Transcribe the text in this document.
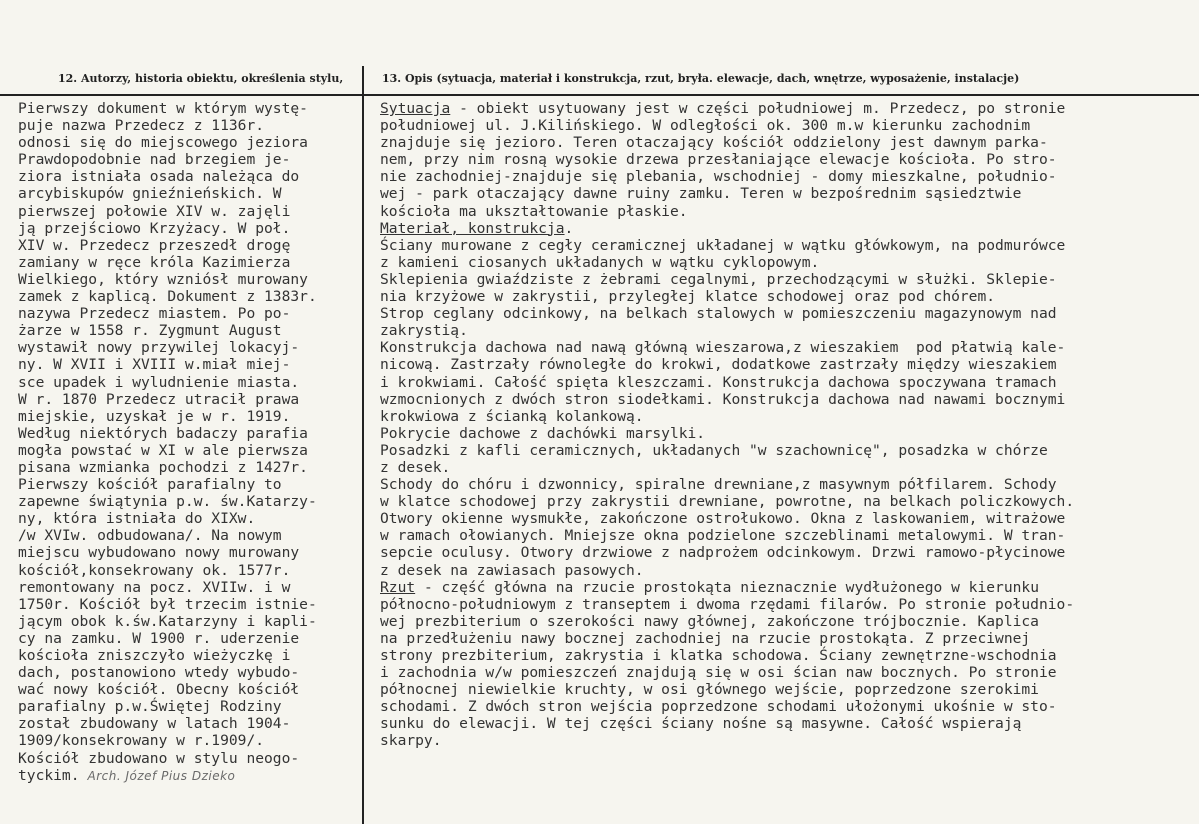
12. Autorzy, historia obiektu, określenia stylu,	13. Opis (sytuacja, materiał i konstrukcja, rzut, bryła. elewacje, dach, wnętrze, wyposażenie, instalacje)
Pierwszy dokument w którym wystę-
puje nazwa Przedecz z 1136r.
odnosi się do miejscowego jeziora
Prawdopodobnie nad brzegiem je-
ziora istniała osada należąca do
arcybiskupów gnieźnieńskich. W
pierwszej połowie XIV w. zajęli
ją przejściowo Krzyżacy. W poł.
XIV w. Przedecz przeszedł drogę
zamiany w ręce króla Kazimierza
Wielkiego, który wzniósł murowany
zamek z kaplicą. Dokument z 1383r.
nazywa Przedecz miastem. Po po-
żarze w 1558 r. Zygmunt August
wystawił nowy przywilej lokacyj-
ny. W XVII i XVIII w.miał miej-
sce upadek i wyludnienie miasta.
W r. 1870 Przedecz utracił prawa
miejskie, uzyskał je w r. 1919.
Według niektórych badaczy parafia
mogła powstać w XI w ale pierwsza
pisana wzmianka pochodzi z 1427r.
Pierwszy kościół parafialny to
zapewne świątynia p.w. św.Katarzy-
ny, która istniała do XIXw.
/w XVIw. odbudowana/. Na nowym
miejscu wybudowano nowy murowany
kościół,konsekrowany ok. 1577r.
remontowany na pocz. XVIIw. i w
1750r. Kościół był trzecim istnie-
jącym obok k.św.Katarzyny i kapli-
cy na zamku. W 1900 r. uderzenie
kościoła zniszczyło wieżyczkę i
dach, postanowiono wtedy wybudo-
wać nowy kościół. Obecny kościół
parafialny p.w.Świętej Rodziny
został zbudowany w latach 1904-
1909/konsekrowany w r.1909/.
Kościół zbudowano w stylu neogo-
tyckim. Arch. Józef Pius Dzieko
Sytuacja - obiekt usytuowany jest w części południowej m. Przedecz, po stronie
południowej ul. J.Kilińskiego. W odległości ok. 300 m.w kierunku zachodnim
znajduje się jezioro. Teren otaczający kościół oddzielony jest dawnym parka-
nem, przy nim rosną wysokie drzewa przesłaniające elewacje kościoła. Po stro-
nie zachodniej-znajduje się plebania, wschodniej - domy mieszkalne, południo-
wej - park otaczający dawne ruiny zamku. Teren w bezpośrednim sąsiedztwie
kościoła ma ukształtowanie płaskie.
Materiał, konstrukcja.
Ściany murowane z cegły ceramicznej układanej w wątku główkowym, na podmurówce
z kamieni ciosanych układanych w wątku cyklopowym.
Sklepienia gwiaździste z żebrami cegalnymi, przechodzącymi w służki. Sklepie-
nia krzyżowe w zakrystii, przyległej klatce schodowej oraz pod chórem.
Strop ceglany odcinkowy, na belkach stalowych w pomieszczeniu magazynowym nad
zakrystią.
Konstrukcja dachowa nad nawą główną wieszarowa,z wieszakiem  pod płatwią kale-
nicową. Zastrzały równoległe do krokwi, dodatkowe zastrzały między wieszakiem
i krokwiami. Całość spięta kleszczami. Konstrukcja dachowa spoczywana tramach
wzmocnionych z dwóch stron siodełkami. Konstrukcja dachowa nad nawami bocznymi
krokwiowa z ścianką kolankową.
Pokrycie dachowe z dachówki marsylki.
Posadzki z kafli ceramicznych, układanych "w szachownicę", posadzka w chórze
z desek.
Schody do chóru i dzwonnicy, spiralne drewniane,z masywnym półfilarem. Schody
w klatce schodowej przy zakrystii drewniane, powrotne, na belkach policzkowych.
Otwory okienne wysmukłe, zakończone ostrołukowo. Okna z laskowaniem, witrażowe
w ramach ołowianych. Mniejsze okna podzielone szczeblinami metalowymi. W tran-
sepcie oculusy. Otwory drzwiowe z nadprożem odcinkowym. Drzwi ramowo-płycinowe
z desek na zawiasach pasowych.
Rzut - część główna na rzucie prostokąta nieznacznie wydłużonego w kierunku
północno-południowym z transeptem i dwoma rzędami filarów. Po stronie południo-
wej prezbiterium o szerokości nawy głównej, zakończone trójbocznie. Kaplica
na przedłużeniu nawy bocznej zachodniej na rzucie prostokąta. Z przeciwnej
strony prezbiterium, zakrystia i klatka schodowa. Ściany zewnętrzne-wschodnia
i zachodnia w/w pomieszczeń znajdują się w osi ścian naw bocznych. Po stronie
północnej niewielkie kruchty, w osi głównego wejście, poprzedzone szerokimi
schodami. Z dwóch stron wejścia poprzedzone schodami ułożonymi ukośnie w sto-
sunku do elewacji. W tej części ściany nośne są masywne. Całość wspierają
skarpy.
